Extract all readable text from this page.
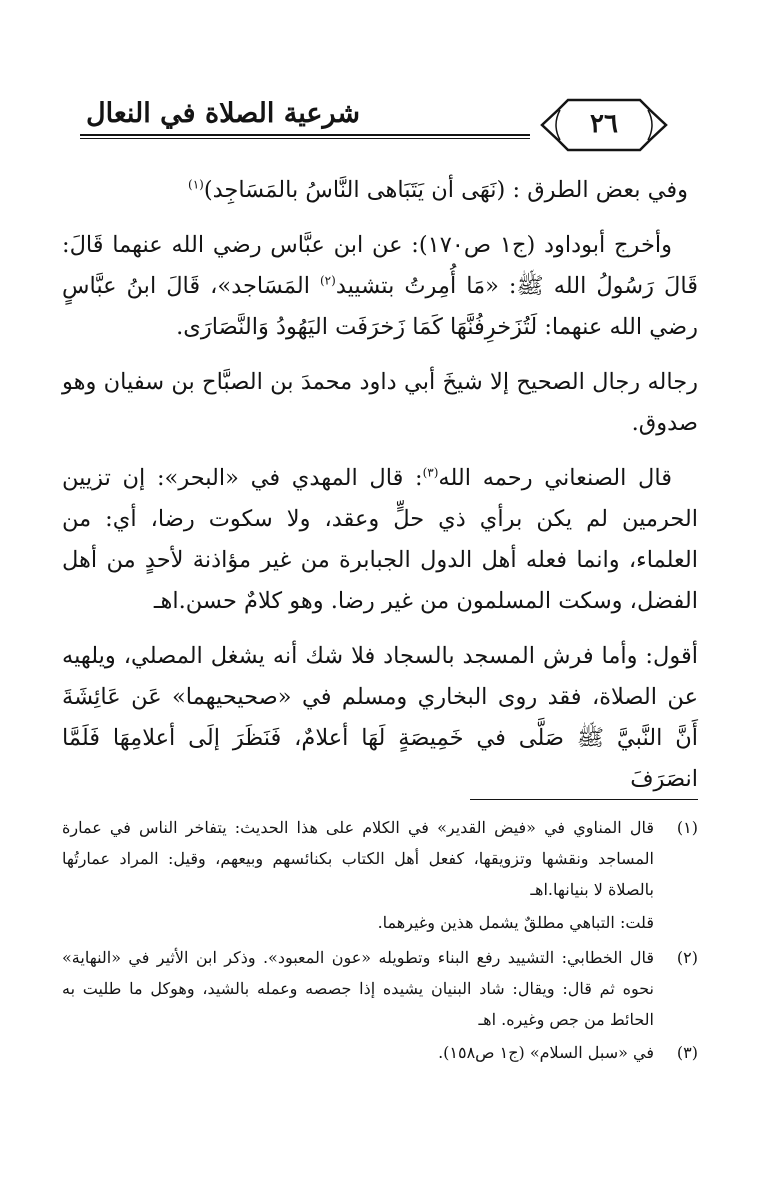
شرعية الصلاة في النعال	٢٦

وفي بعض الطرق : (نَهَى أن يَتَبَاهى النَّاسُ بالمَسَاجِد)$^{(١)}$

وأخرج أبوداود (ج١ ص١٧٠): عن ابن عبَّاس رضي الله عنهما قَالَ: قَالَ رَسُولُ الله ﷺ: «مَا أُمِرتُ بتشييد$^{(٢)}$ المَسَاجد»، قَالَ ابنُ عبَّاسٍ رضي الله عنهما: لَتُزَخرِفُنَّهَا كَمَا زَخرَفَت اليَهُودُ وَالنَّصَارَى.

رجاله رجال الصحيح إلا شيخَ أبي داود محمدَ بن الصبَّاح بن سفيان وهو صدوق.

قال الصنعاني رحمه الله$^{(٣)}$: قال المهدي في «البحر»: إن تزيين الحرمين لم يكن برأي ذي حلٍّ وعقد، ولا سكوت رضا، أي: من العلماء، وانما فعله أهل الدول الجبابرة من غير مؤاذنة لأحدٍ من أهل الفضل، وسكت المسلمون من غير رضا. وهو كلامٌ حسن.اهـ

أقول: وأما فرش المسجد بالسجاد فلا شك أنه يشغل المصلي، ويلهيه عن الصلاة، فقد روى البخاري ومسلم في «صحيحيهما» عَن عَائِشَةَ أَنَّ النَّبيَّ ﷺ صَلَّى في خَمِيصَةٍ لَهَا أعلامٌ، فَنَظَرَ إلَى أعلامِهَا فَلَمَّا انصَرَفَ

(١)
قال المناوي في «فيض القدير» في الكلام على هذا الحديث: يتفاخر الناس في عمارة المساجد ونقشها وتزويقها، كفعل أهل الكتاب بكنائسهم وبيعهم، وقيل: المراد عمارتُها بالصلاة لا بنيانها.اهـ
قلت: التباهي مطلقٌ يشمل هذين وغيرهما.
(٢)
قال الخطابي: التشييد رفع البناء وتطويله «عون المعبود». وذكر ابن الأثير في «النهاية» نحوه ثم قال: ويقال: شاد البنيان يشيده إذا جصصه وعمله بالشيد، وهوكل ما طليت به الحائط من جص وغيره. اهـ
(٣)
في «سبل السلام» (ج١ ص١٥٨).
